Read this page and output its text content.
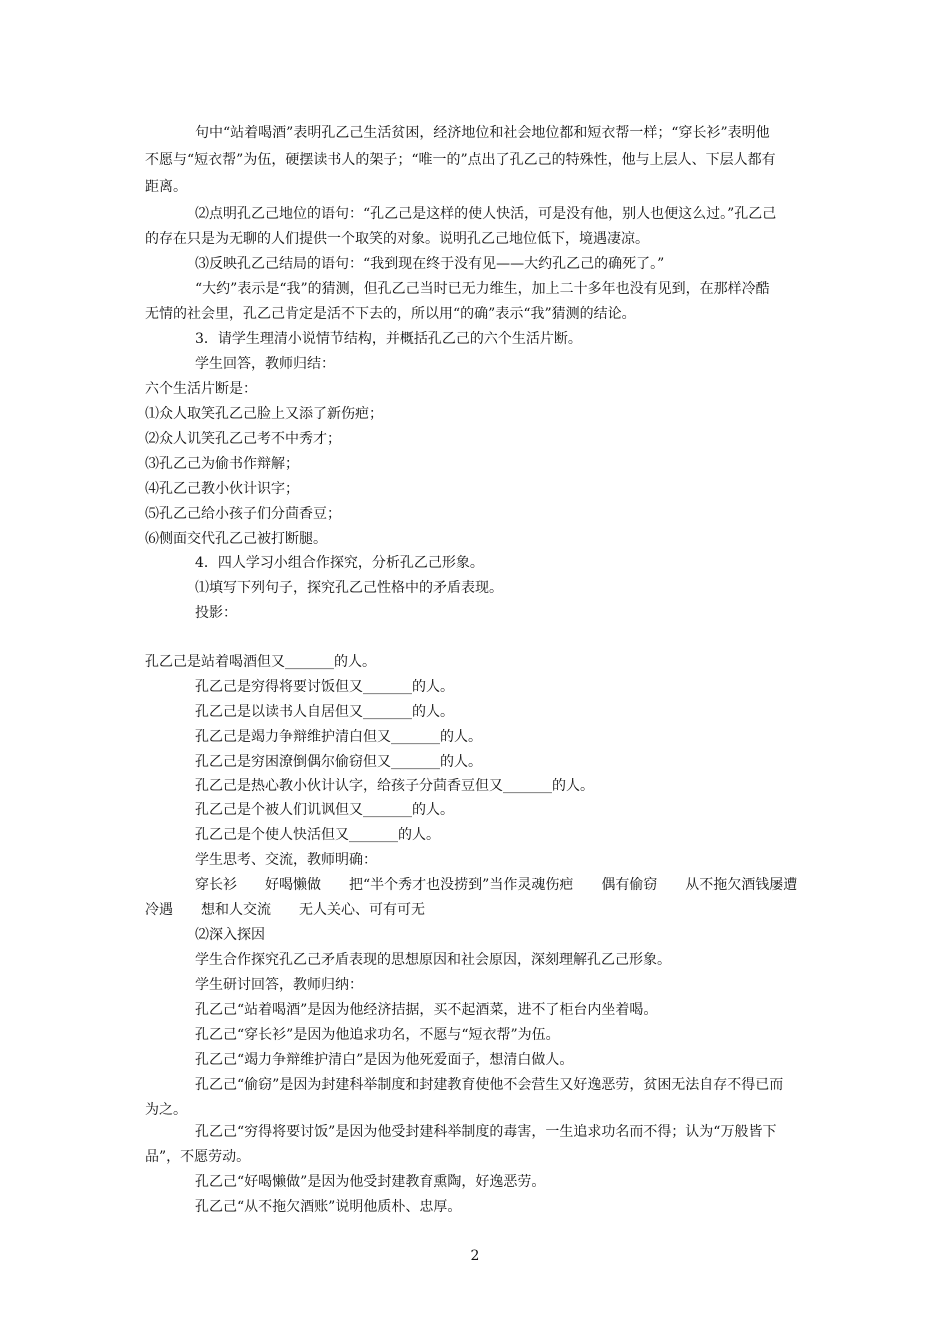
句中“站着喝酒”表明孔乙己生活贫困，经济地位和社会地位都和短衣帮一样；“穿长衫”表明他
不愿与“短衣帮”为伍，硬摆读书人的架子；“唯一的”点出了孔乙己的特殊性，他与上层人、下层人都有
距离。
⑵点明孔乙己地位的语句：“孔乙己是这样的使人快活，可是没有他，别人也便这么过。”孔乙己
的存在只是为无聊的人们提供一个取笑的对象。说明孔乙己地位低下，境遇凄凉。
⑶反映孔乙己结局的语句：“我到现在终于没有见——大约孔乙己的确死了。”
“大约”表示是“我”的猜测，但孔乙己当时已无力维生，加上二十多年也没有见到，在那样冷酷
无情的社会里，孔乙己肯定是活不下去的，所以用“的确”表示“我”猜测的结论。
3．请学生理清小说情节结构，并概括孔乙己的六个生活片断。
学生回答，教师归结：
六个生活片断是：
⑴众人取笑孔乙己脸上又添了新伤疤；
⑵众人讥笑孔乙己考不中秀才；
⑶孔乙己为偷书作辩解；
⑷孔乙己教小伙计识字；
⑸孔乙己给小孩子们分茴香豆；
⑹侧面交代孔乙己被打断腿。
4．四人学习小组合作探究，分析孔乙己形象。
⑴填写下列句子，探究孔乙己性格中的矛盾表现。
投影：
孔乙己是站着喝酒但又_______的人。
孔乙己是穷得将要讨饭但又_______的人。
孔乙己是以读书人自居但又_______的人。
孔乙己是竭力争辩维护清白但又_______的人。
孔乙己是穷困潦倒偶尔偷窃但又_______的人。
孔乙己是热心教小伙计认字，给孩子分茴香豆但又_______的人。
孔乙己是个被人们讥讽但又_______的人。
孔乙己是个使人快活但又_______的人。
学生思考、交流，教师明确：
穿长衫　　好喝懒做　　把“半个秀才也没捞到”当作灵魂伤疤　　偶有偷窃　　从不拖欠酒钱屡遭
冷遇　　想和人交流　　无人关心、可有可无
⑵深入探因
学生合作探究孔乙己矛盾表现的思想原因和社会原因，深刻理解孔乙己形象。
学生研讨回答，教师归纳：
孔乙己“站着喝酒”是因为他经济拮据，买不起酒菜，进不了柜台内坐着喝。
孔乙己“穿长衫”是因为他追求功名，不愿与“短衣帮”为伍。
孔乙己“竭力争辩维护清白”是因为他死爱面子，想清白做人。
孔乙己“偷窃”是因为封建科举制度和封建教育使他不会营生又好逸恶劳，贫困无法自存不得已而
为之。
孔乙己“穷得将要讨饭”是因为他受封建科举制度的毒害，一生追求功名而不得；认为“万般皆下
品”，不愿劳动。
孔乙己“好喝懒做”是因为他受封建教育熏陶，好逸恶劳。
孔乙己“从不拖欠酒账”说明他质朴、忠厚。
2
